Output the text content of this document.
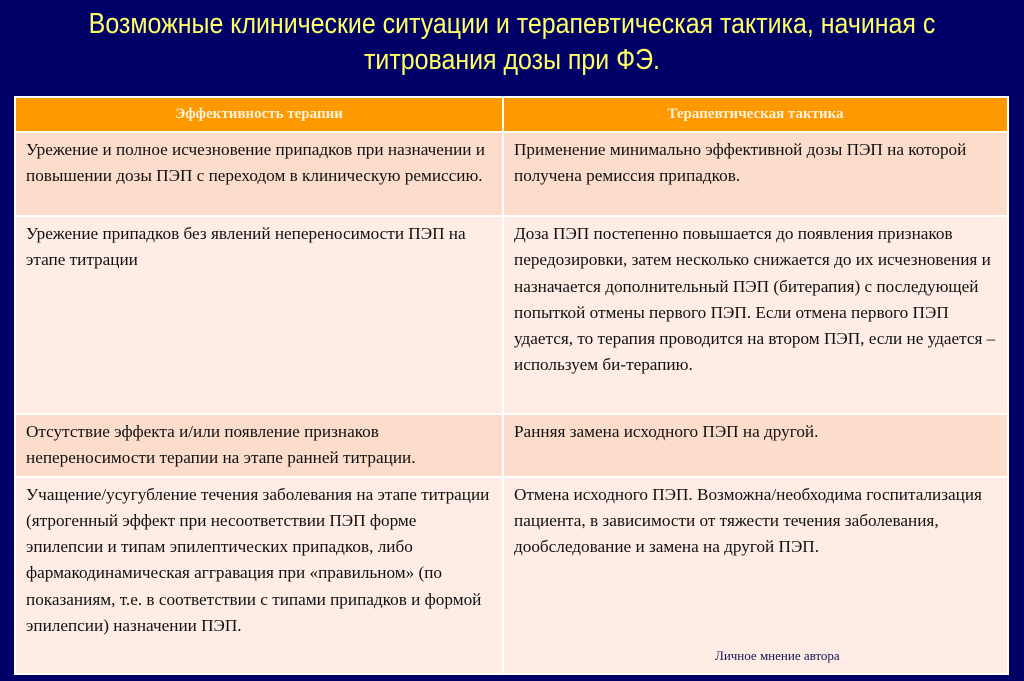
Возможные клинические ситуации и терапевтическая тактика, начиная с
титрования дозы при ФЭ.
Эффективность терапии	Терапевтическая тактика
Урежение и полное исчезновение припадков при назначении и повышении дозы ПЭП с переходом в клиническую ремиссию.	Применение минимально эффективной дозы ПЭП на которой получена ремиссия припадков.
Урежение припадков без явлений непереносимости ПЭП на этапе титрации	Доза ПЭП постепенно повышается до появления признаков передозировки, затем несколько снижается до их исчезновения и назначается дополнительный ПЭП (битерапия) с последующей попыткой отмены первого ПЭП. Если отмена первого ПЭП удается, то терапия проводится на втором ПЭП, если не удается – используем би-терапию.
Отсутствие эффекта и/или появление признаков непереносимости терапии на этапе ранней титрации.	Ранняя замена исходного ПЭП на другой.
Учащение/усугубление течения заболевания на этапе титрации (ятрогенный эффект при несоответствии ПЭП форме эпилепсии и типам эпилептических припадков, либо фармакодинамическая аггравация при «правильном» (по показаниям, т.е. в соответствии с типами припадков и формой эпилепсии) назначении ПЭП.	Отмена исходного ПЭП. Возможна/необходима госпитализация пациента, в зависимости от тяжести течения заболевания, дообследование и замена на другой ПЭП.
Личное мнение автора
